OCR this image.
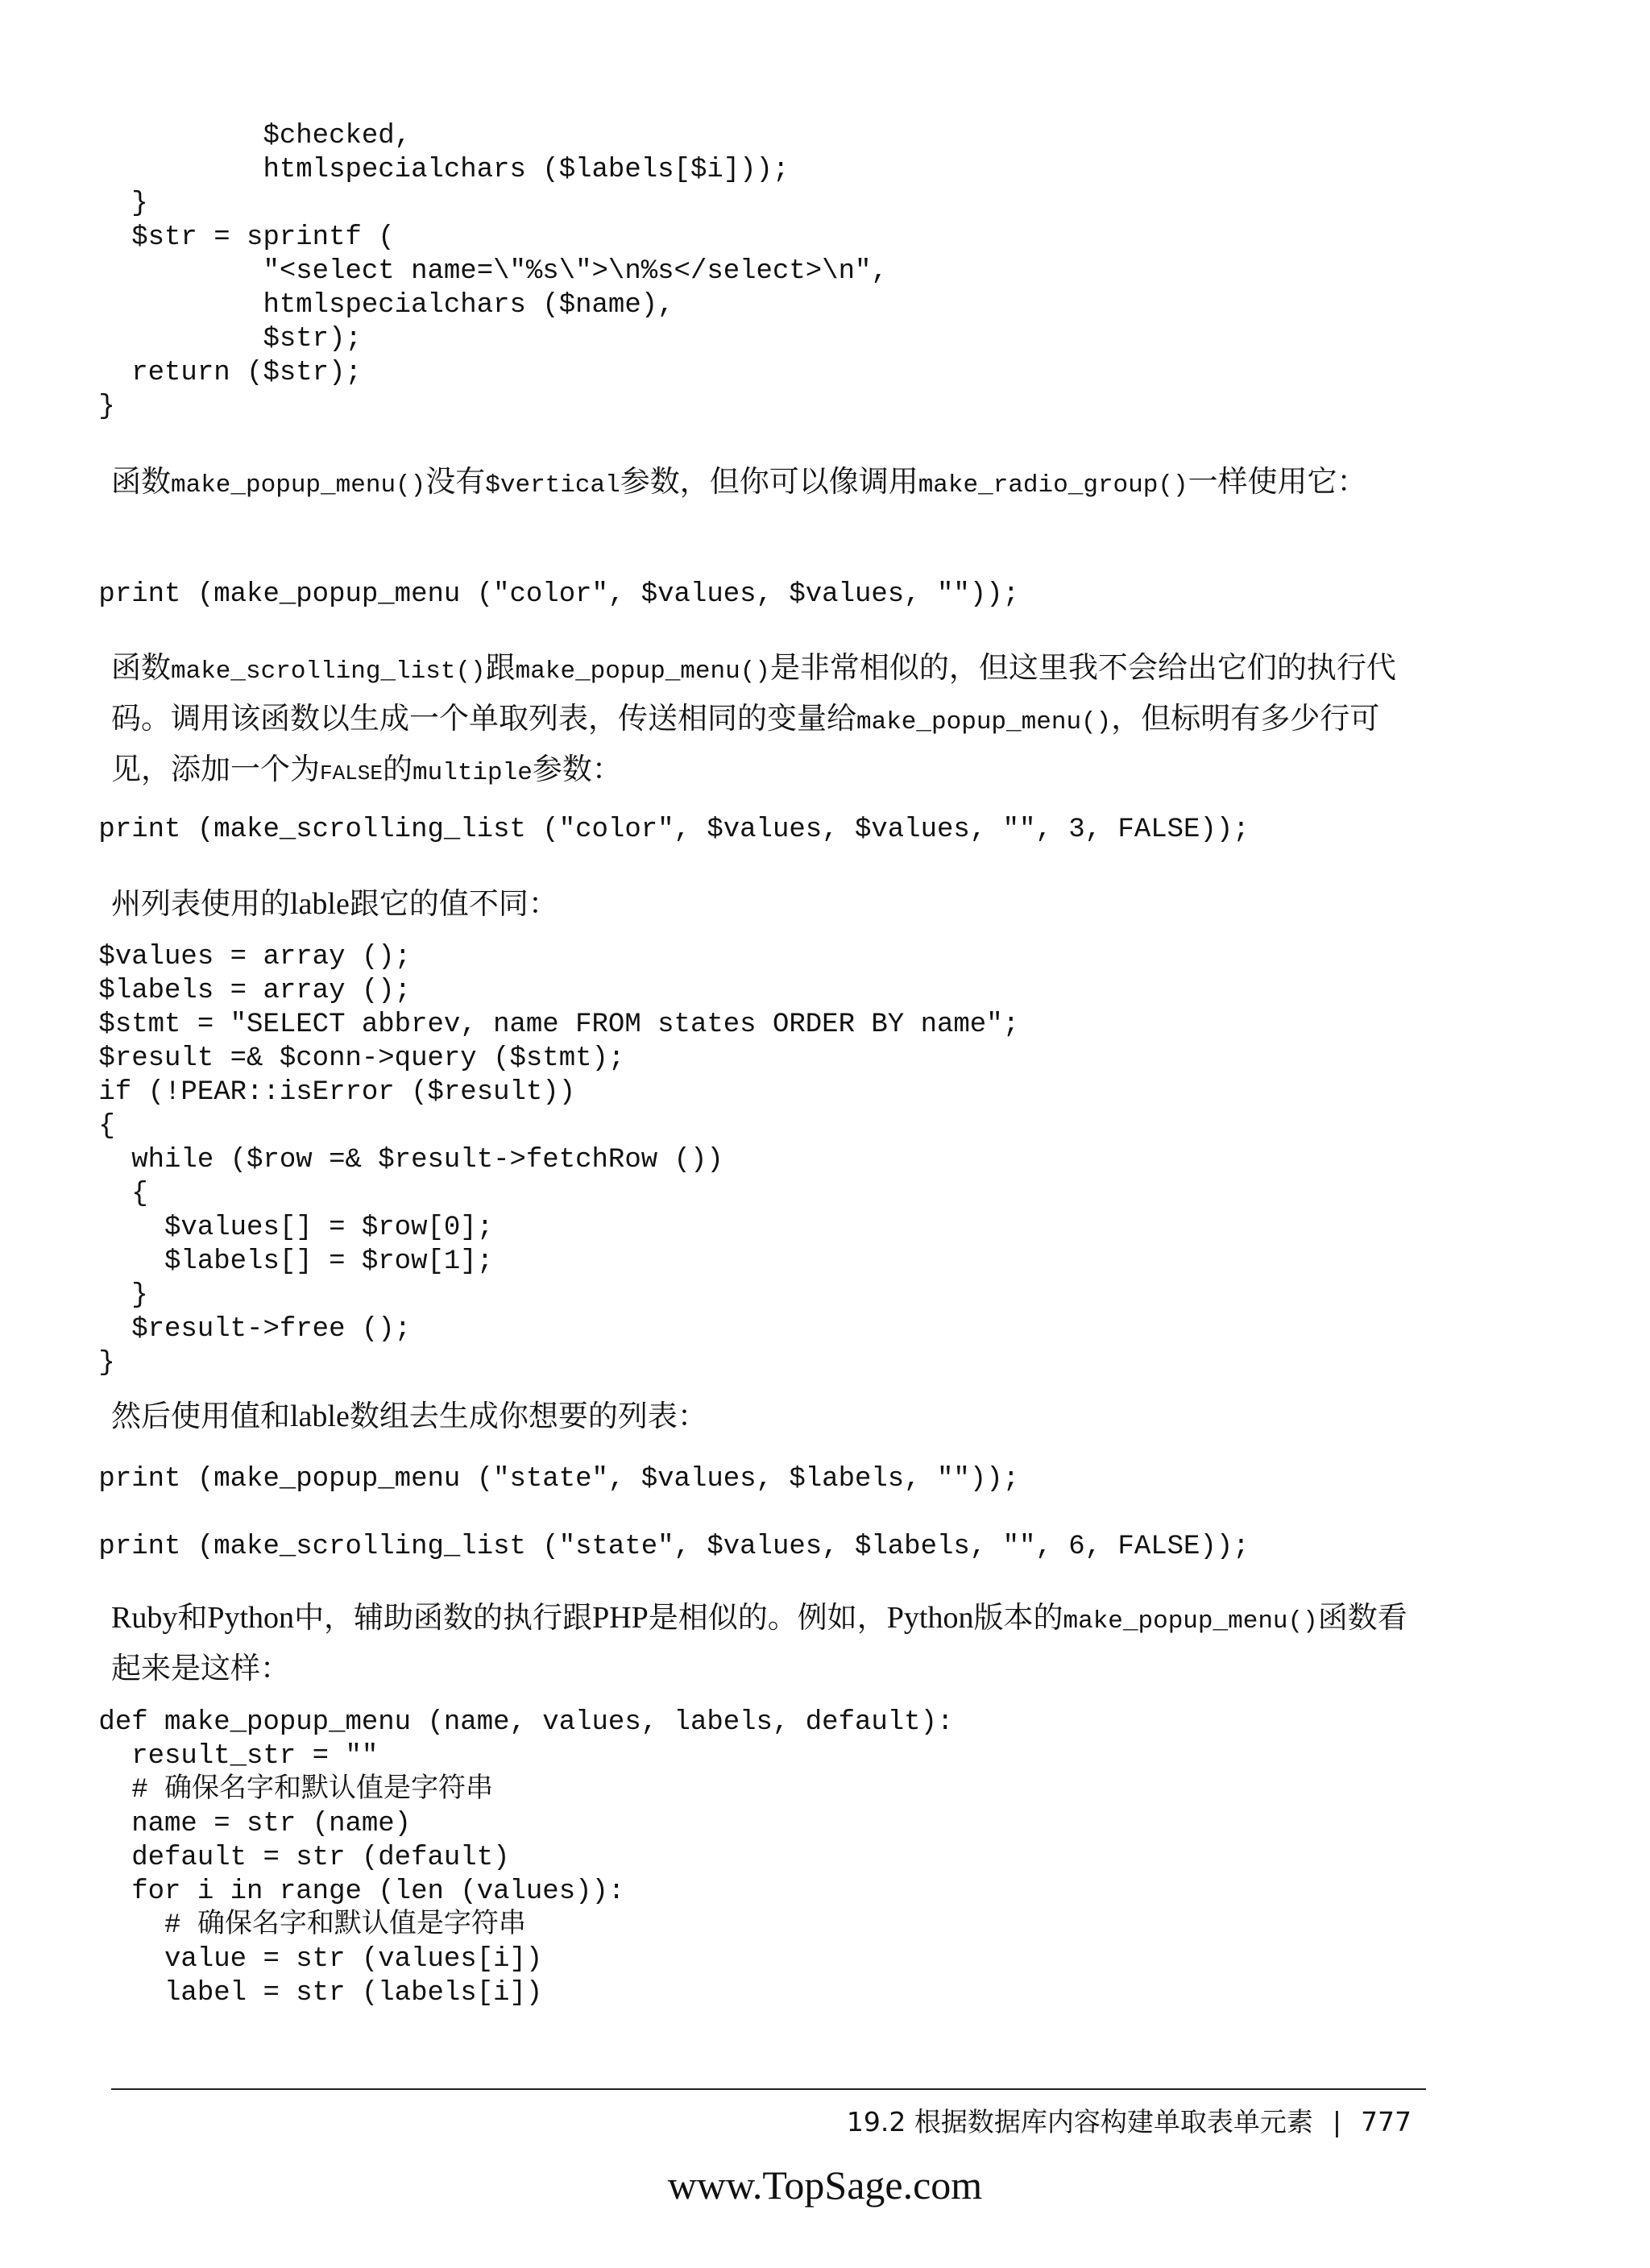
$checked,
htmlspecialchars ($labels[$i]));
}
$str = sprintf (
"<select name=\"%s\">\n%s</select>\n",
htmlspecialchars ($name),
$str);
return ($str);
}

函数make_popup_menu()没有$vertical参数，但你可以像调用make_radio_group()一样使用它：

print (make_popup_menu ("color", $values, $values, ""));

函数make_scrolling_list()跟make_popup_menu()是非常相似的，但这里我不会给出它们的执行代码。调用该函数以生成一个单取列表，传送相同的变量给make_popup_menu()，但标明有多少行可见，添加一个为FALSE的multiple参数：

print (make_scrolling_list ("color", $values, $values, "", 3, FALSE));

州列表使用的lable跟它的值不同：

$values = array ();
$labels = array ();
$stmt = "SELECT abbrev, name FROM states ORDER BY name";
$result =& $conn->query ($stmt);
if (!PEAR::isError ($result))
{
while ($row =& $result->fetchRow ())
{
$values[] = $row[0];
$labels[] = $row[1];
}
$result->free ();
}

然后使用值和lable数组去生成你想要的列表：

print (make_popup_menu ("state", $values, $labels, ""));

print (make_scrolling_list ("state", $values, $labels, "", 6, FALSE));

Ruby和Python中，辅助函数的执行跟PHP是相似的。例如，Python版本的make_popup_menu()函数看起来是这样：

def make_popup_menu (name, values, labels, default):
result_str = ""
# 确保名字和默认值是字符串
name = str (name)
default = str (default)
for i in range (len (values)):
# 确保名字和默认值是字符串
value = str (values[i])
label = str (labels[i])
19.2 根据数据库内容构建单取表单元素 | 777
www.TopSage.com
